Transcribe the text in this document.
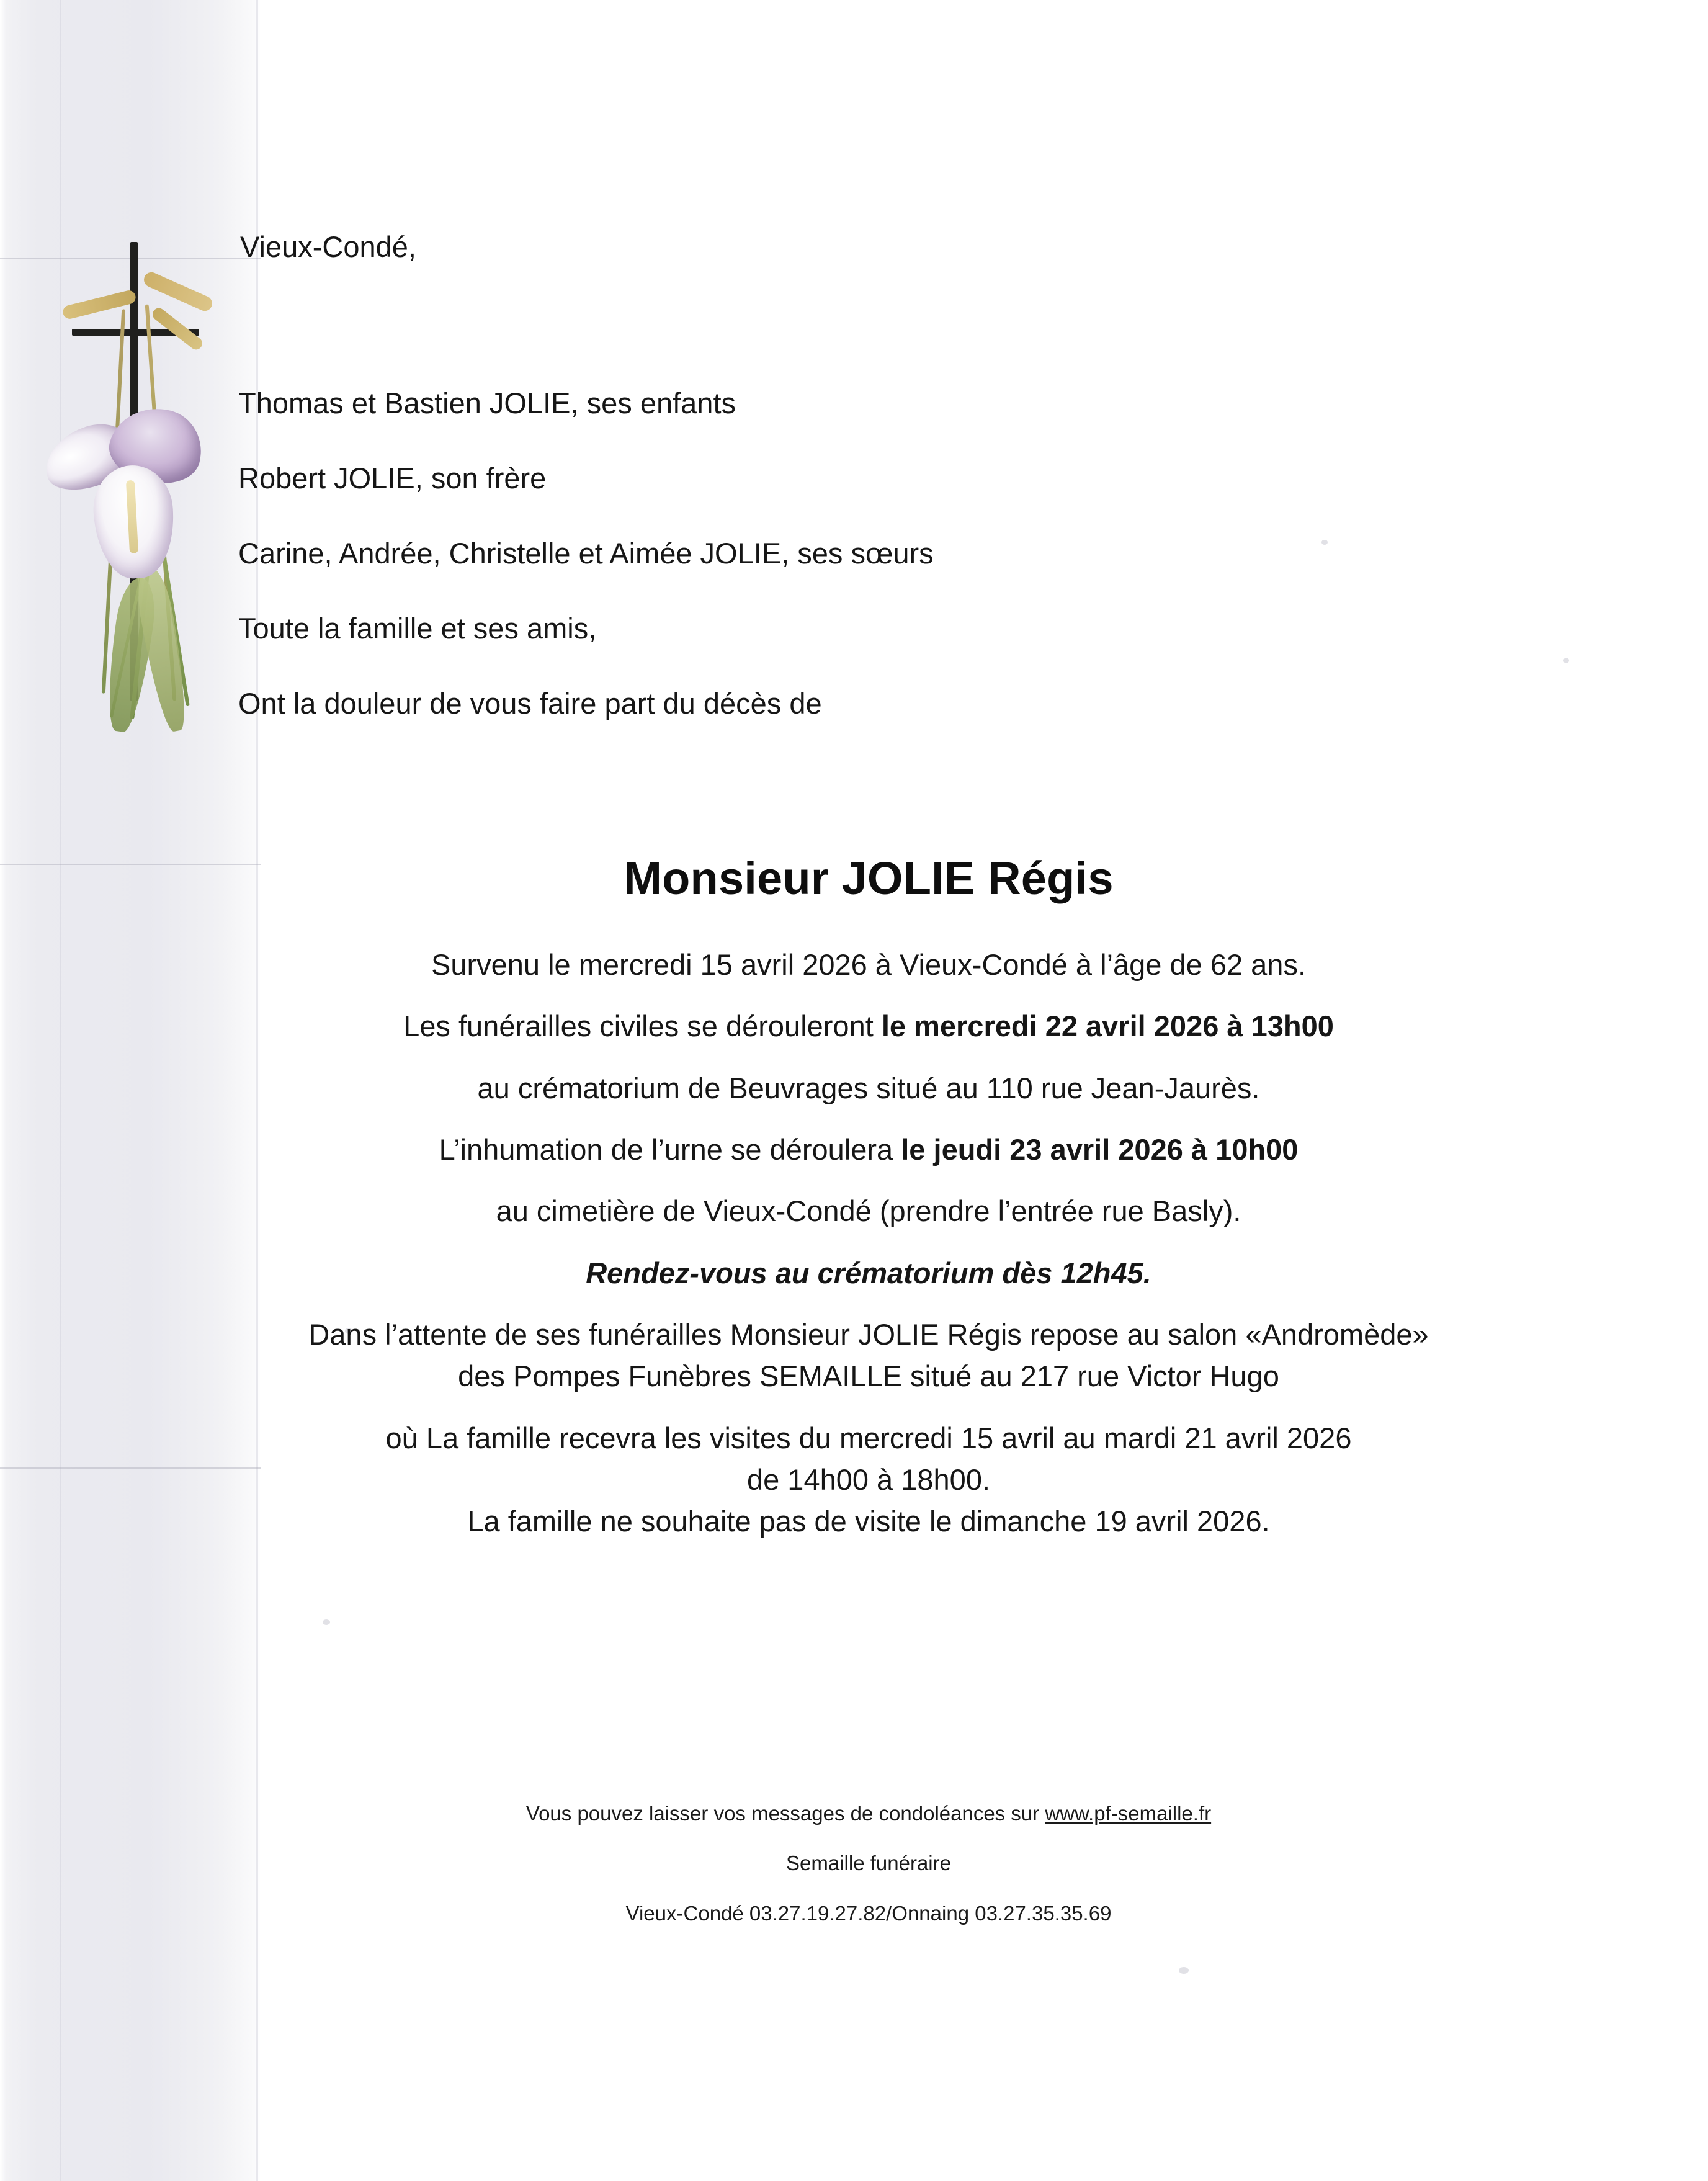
Vieux-Condé,
Thomas et Bastien JOLIE, ses enfants
Robert JOLIE, son frère
Carine, Andrée, Christelle et Aimée JOLIE, ses sœurs
Toute la famille et ses amis,
Ont la douleur de vous faire part du décès de
Monsieur JOLIE Régis

Survenu le mercredi 15 avril 2026 à Vieux-Condé à l’âge de 62 ans.

Les funérailles civiles se dérouleront le mercredi 22 avril 2026 à 13h00

au crématorium de Beuvrages situé au 110 rue Jean-Jaurès.

L’inhumation de l’urne se déroulera le jeudi 23 avril 2026 à 10h00

au cimetière de Vieux-Condé (prendre l’entrée rue Basly).

Rendez-vous au crématorium dès 12h45.

Dans l’attente de ses funérailles Monsieur JOLIE Régis repose au salon «Andromède»

des Pompes Funèbres SEMAILLE situé au 217 rue Victor Hugo

où La famille recevra les visites du mercredi 15 avril au mardi 21 avril 2026

de 14h00 à 18h00.

La famille ne souhaite pas de visite le dimanche 19 avril 2026.

Vous pouvez laisser vos messages de condoléances sur www.pf-semaille.fr

Semaille funéraire

Vieux-Condé 03.27.19.27.82/Onnaing 03.27.35.35.69
